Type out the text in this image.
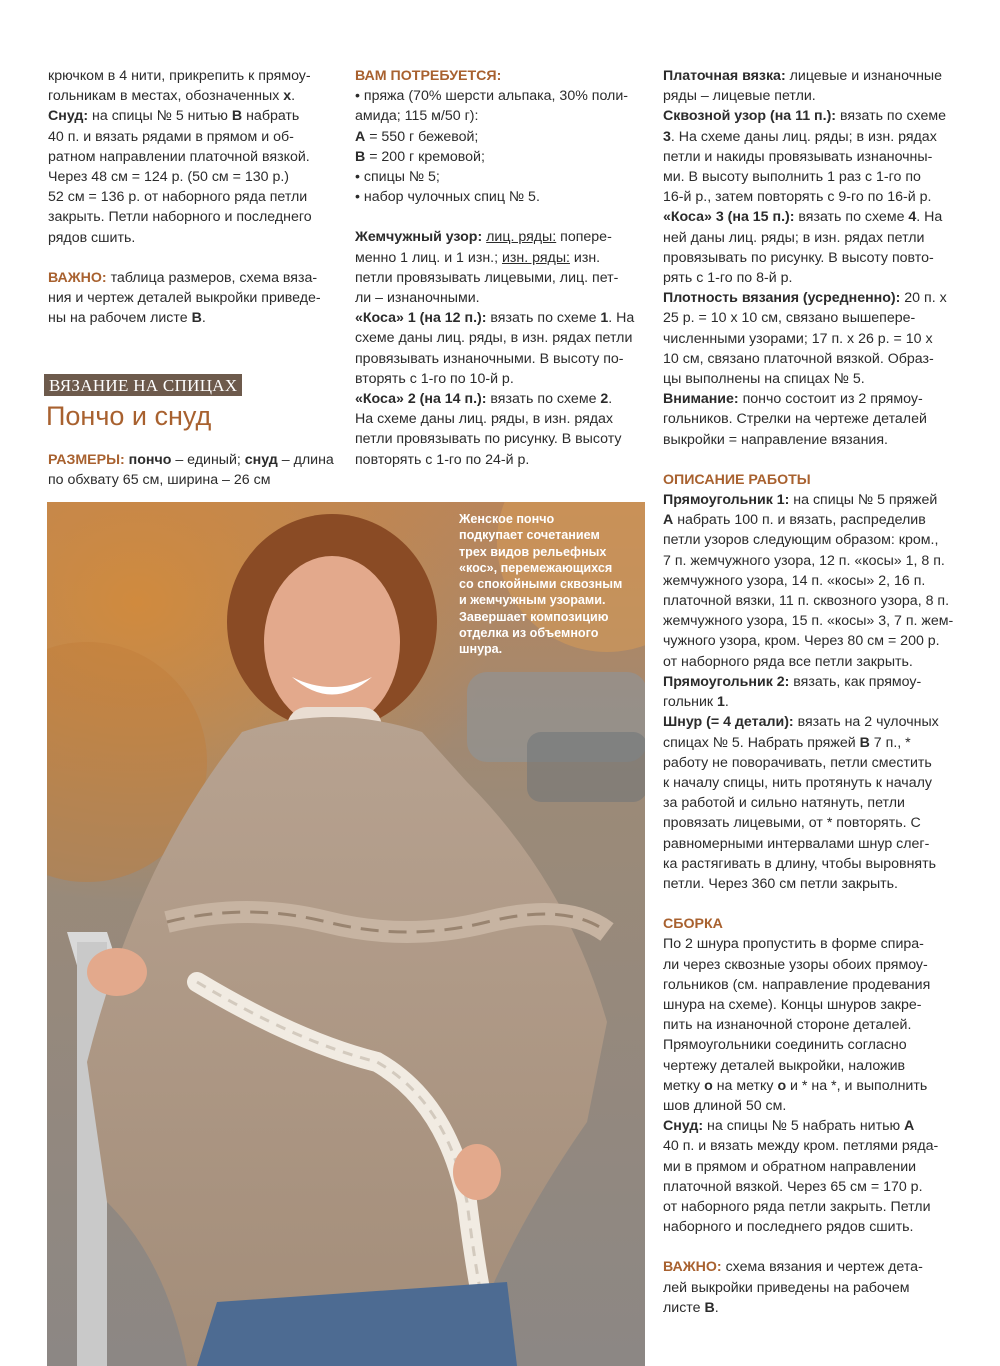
крючком в 4 нити, прикрепить к прямоу-

гольникам в местах, обозначенных х.

Снуд: на спицы № 5 нитью В набрать

40 п. и вязать рядами в прямом и об-

ратном направлении платочной вязкой.

Через 48 см = 124 р. (50 см = 130 р.)

52 см = 136 р. от наборного ряда петли

закрыть. Петли наборного и последнего

рядов сшить.

ВАЖНО: таблица размеров, схема вяза-

ния и чертеж деталей выкройки приведе-

ны на рабочем листе В.

ВЯЗАНИЕ НА СПИЦАХ
Пончо и снуд
РАЗМЕРЫ: пончо – единый; снуд – длина
по обхвату 65 см, ширина – 26 см

ВАМ ПОТРЕБУЕТСЯ:

• пряжа (70% шерсти альпака, 30% поли-

амида; 115 м/50 г):

А = 550 г бежевой;

В = 200 г кремовой;

• спицы № 5;

• набор чулочных спиц № 5.

Жемчужный узор: лиц. ряды: попере-

менно 1 лиц. и 1 изн.; изн. ряды: изн.

петли провязывать лицевыми, лиц. пет-

ли – изнаночными.

«Коса» 1 (на 12 п.): вязать по схеме 1. На

схеме даны лиц. ряды, в изн. рядах петли

провязывать изнаночными. В высоту по-

вторять с 1-го по 10-й р.

«Коса» 2 (на 14 п.): вязать по схеме 2.

На схеме даны лиц. ряды, в изн. рядах

петли провязывать по рисунку. В высоту

повторять с 1-го по 24-й р.

Платочная вязка: лицевые и изнаночные

ряды – лицевые петли.

Сквозной узор (на 11 п.): вязать по схеме

3. На схеме даны лиц. ряды; в изн. рядах

петли и накиды провязывать изнаночны-

ми. В высоту выполнить 1 раз с 1-го по

16-й р., затем повторять с 9-го по 16-й р.

«Коса» 3 (на 15 п.): вязать по схеме 4. На

ней даны лиц. ряды; в изн. рядах петли

провязывать по рисунку. В высоту повто-

рять с 1-го по 8-й р.

Плотность вязания (усредненно): 20 п. х

25 р. = 10 х 10 см, связано вышепере-

численными узорами; 17 п. х 26 р. = 10 х

10 см, связано платочной вязкой. Образ-

цы выполнены на спицах № 5.

Внимание: пончо состоит из 2 прямоу-

гольников. Стрелки на чертеже деталей

выкройки = направление вязания.

ОПИСАНИЕ РАБОТЫ

Прямоугольник 1: на спицы № 5 пряжей

А набрать 100 п. и вязать, распределив

петли узоров следующим образом: кром.,

7 п. жемчужного узора, 12 п. «косы» 1, 8 п.

жемчужного узора, 14 п. «косы» 2, 16 п.

платочной вязки, 11 п. сквозного узора, 8 п.

жемчужного узора, 15 п. «косы» 3, 7 п. жем-

чужного узора, кром. Через 80 см = 200 р.

от наборного ряда все петли закрыть.

Прямоугольник 2: вязать, как прямоу-

гольник 1.

Шнур (= 4 детали): вязать на 2 чулочных

спицах № 5. Набрать пряжей В 7 п., *

работу не поворачивать, петли сместить

к началу спицы, нить протянуть к началу

за работой и сильно натянуть, петли

провязать лицевыми, от * повторять. С

равномерными интервалами шнур слег-

ка растягивать в длину, чтобы выровнять

петли. Через 360 см петли закрыть.

СБОРКА

По 2 шнура пропустить в форме спира-

ли через сквозные узоры обоих прямоу-

гольников (см. направление продевания

шнура на схеме). Концы шнуров закре-

пить на изнаночной стороне деталей.

Прямоугольники соединить согласно

чертежу деталей выкройки, наложив

метку о на метку о и * на *, и выполнить

шов длиной 50 см.

Снуд: на спицы № 5 набрать нитью А

40 п. и вязать между кром. петлями ряда-

ми в прямом и обратном направлении

платочной вязкой. Через 65 см = 170 р.

от наборного ряда петли закрыть. Петли

наборного и последнего рядов сшить.

ВАЖНО: схема вязания и чертеж дета-

лей выкройки приведены на рабочем

листе В.

Женское пончо
подкупает сочетанием
трех видов рельефных
«кос», перемежающихся
со спокойными сквозным
и жемчужным узорами.
Завершает композицию
отделка из объемного
шнура.
